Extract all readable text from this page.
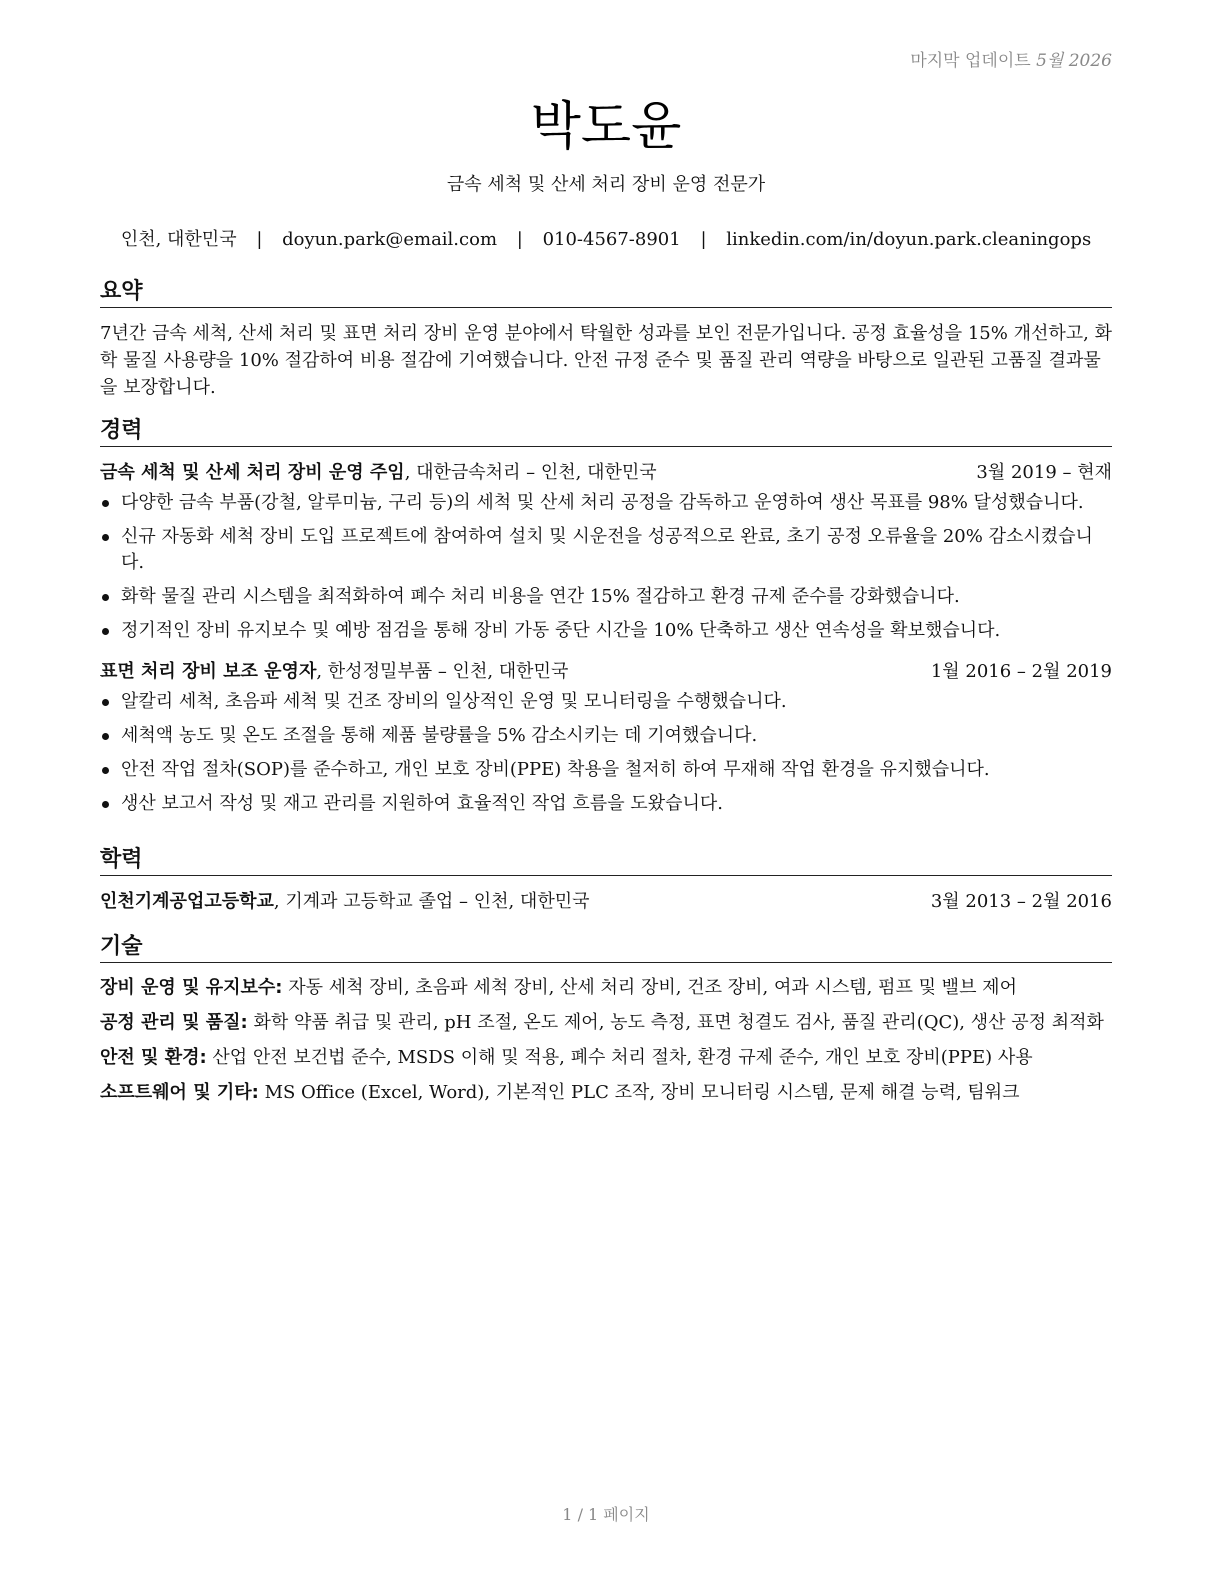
마지막 업데이트 5월 2026
박도윤
금속 세척 및 산세 처리 장비 운영 전문가
인천, 대한민국 | doyun.park@email.com | 010-4567-8901 | linkedin.com/in/doyun.park.cleaningops
요약

7년간 금속 세척, 산세 처리 및 표면 처리 장비 운영 분야에서 탁월한 성과를 보인 전문가입니다. 공정 효율성을 15% 개선하고, 화학 물질 사용량을 10% 절감하여 비용 절감에 기여했습니다. 안전 규정 준수 및 품질 관리 역량을 바탕으로 일관된 고품질 결과물을 보장합니다.

경력
금속 세척 및 산세 처리 장비 운영 주임, 대한금속처리 – 인천, 대한민국	3월 2019 – 현재
다양한 금속 부품(강철, 알루미늄, 구리 등)의 세척 및 산세 처리 공정을 감독하고 운영하여 생산 목표를 98% 달성했습니다.
신규 자동화 세척 장비 도입 프로젝트에 참여하여 설치 및 시운전을 성공적으로 완료, 초기 공정 오류율을 20% 감소시켰습니다.
화학 물질 관리 시스템을 최적화하여 폐수 처리 비용을 연간 15% 절감하고 환경 규제 준수를 강화했습니다.
정기적인 장비 유지보수 및 예방 점검을 통해 장비 가동 중단 시간을 10% 단축하고 생산 연속성을 확보했습니다.
표면 처리 장비 보조 운영자, 한성정밀부품 – 인천, 대한민국	1월 2016 – 2월 2019
알칼리 세척, 초음파 세척 및 건조 장비의 일상적인 운영 및 모니터링을 수행했습니다.
세척액 농도 및 온도 조절을 통해 제품 불량률을 5% 감소시키는 데 기여했습니다.
안전 작업 절차(SOP)를 준수하고, 개인 보호 장비(PPE) 착용을 철저히 하여 무재해 작업 환경을 유지했습니다.
생산 보고서 작성 및 재고 관리를 지원하여 효율적인 작업 흐름을 도왔습니다.
학력
인천기계공업고등학교, 기계과 고등학교 졸업 – 인천, 대한민국	3월 2013 – 2월 2016
기술

장비 운영 및 유지보수: 자동 세척 장비, 초음파 세척 장비, 산세 처리 장비, 건조 장비, 여과 시스템, 펌프 및 밸브 제어

공정 관리 및 품질: 화학 약품 취급 및 관리, pH 조절, 온도 제어, 농도 측정, 표면 청결도 검사, 품질 관리(QC), 생산 공정 최적화

안전 및 환경: 산업 안전 보건법 준수, MSDS 이해 및 적용, 폐수 처리 절차, 환경 규제 준수, 개인 보호 장비(PPE) 사용

소프트웨어 및 기타: MS Office (Excel, Word), 기본적인 PLC 조작, 장비 모니터링 시스템, 문제 해결 능력, 팀워크

1 / 1 페이지
